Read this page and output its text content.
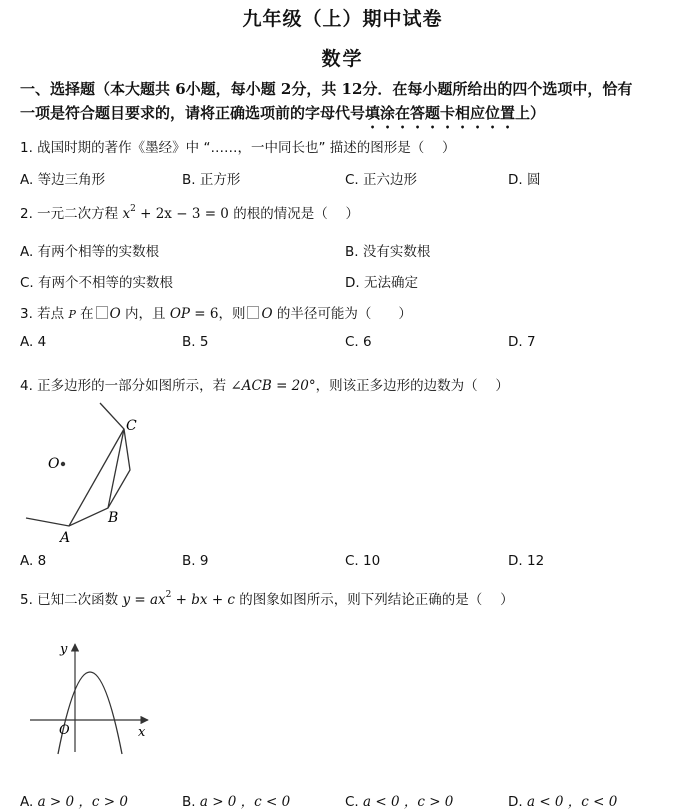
九年级（上）期中试卷
数学
一、选择题（本大题共 6小题，每小题 2分，共 12分．在每小题所给出的四个选项中，恰有
一项是符合题目要求的，请将正确选项前的字母代号填涂在答题卡相应位置上）
1. 战国时期的著作《墨经》中 “……，一中同长也” 描述的图形是（　 ）
A. 等边三角形	B. 正方形	C. 正六边形	D. 圆
2. 一元二次方程 $x^2 + 2x - 3 = 0$ 的根的情况是（　 ）
A. 有两个相等的实数根	B. 没有实数根
C. 有两个不相等的实数根	D. 无法确定
3. 若点 P 在 O 内，且 OP = 6，则 O 的半径可能为（　　）
A. 4	B. 5	C. 6	D. 7
4. 正多边形的一部分如图所示，若 ∠ACB = 20°，则该正多边形的边数为（　 ）
O
A
B
C
A. 8	B. 9	C. 10	D. 12
5. 已知二次函数 $y = ax^2$ + bx + c 的图象如图所示，则下列结论正确的是（　 ）
y
x
O
A. a > 0 ，c > 0	B. a > 0 ，c < 0	C. a < 0 ，c > 0	D. a < 0 ，c < 0
